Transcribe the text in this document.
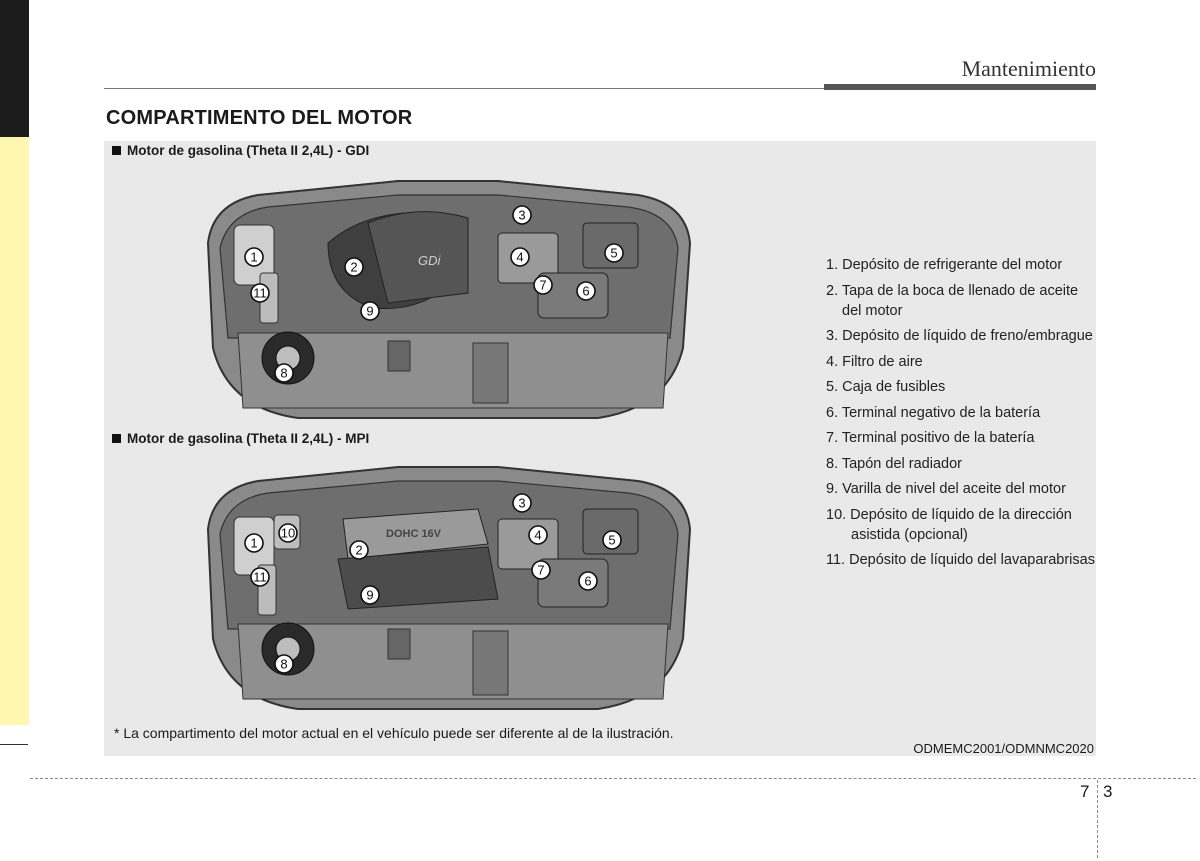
Mantenimiento
COMPARTIMENTO DEL MOTOR
Motor de gasolina (Theta II 2,4L) - GDI
GDi
1
2
3
4	5
6
7
8
9
11
Motor de gasolina (Theta II 2,4L) - MPI
DOHC 16V
1	2
3
4	5
6
7
8
9
10
11
1. Depósito de refrigerante del motor
2. Tapa de la boca de llenado de aceite del motor
3. Depósito de líquido de freno/embrague
4. Filtro de aire
5. Caja de fusibles
6. Terminal negativo de la batería
7. Terminal positivo de la batería
8. Tapón del radiador
9. Varilla de nivel del aceite del motor
10. Depósito de líquido de la dirección asistida (opcional)
11. Depósito de líquido del lavaparabrisas
* La compartimento del motor actual en el vehículo puede ser diferente al de la ilustración.
ODMEMC2001/ODMNMC2020
7 3
